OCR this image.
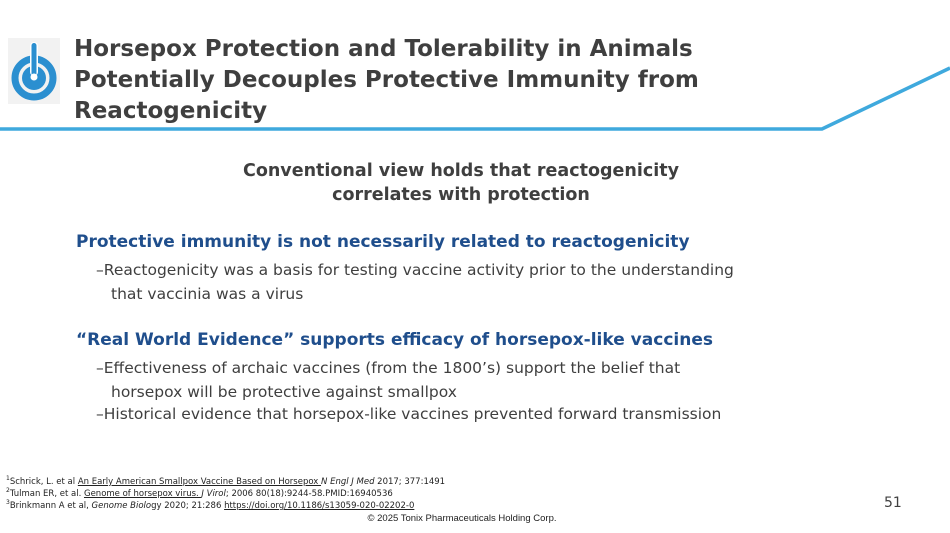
Horsepox Protection and Tolerability in Animals Potentially Decouples Protective Immunity from Reactogenicity
Conventional view holds that reactogenicity
correlates with protection
Protective immunity is not necessarily related to reactogenicity
–Reactogenicity was a basis for testing vaccine activity prior to the understanding
that vaccinia was a virus
“Real World Evidence” supports efficacy of horsepox-like vaccines
–Effectiveness of archaic vaccines (from the 1800’s) support the belief that
horsepox will be protective against smallpox
–Historical evidence that horsepox-like vaccines prevented forward transmission
$^1$Schrick, L. et al An Early American Smallpox Vaccine Based on Horsepox N Engl J Med 2017; 377:1491
$^2$Tulman ER, et al. Genome of horsepox virus. J Virol; 2006 80(18):9244-58.PMID:16940536
$^3$Brinkmann A et al, Genome Biology 2020; 21:286 https://doi.org/10.1186/s13059-020-02202-0	51
© 2025 Tonix Pharmaceuticals Holding Corp.
